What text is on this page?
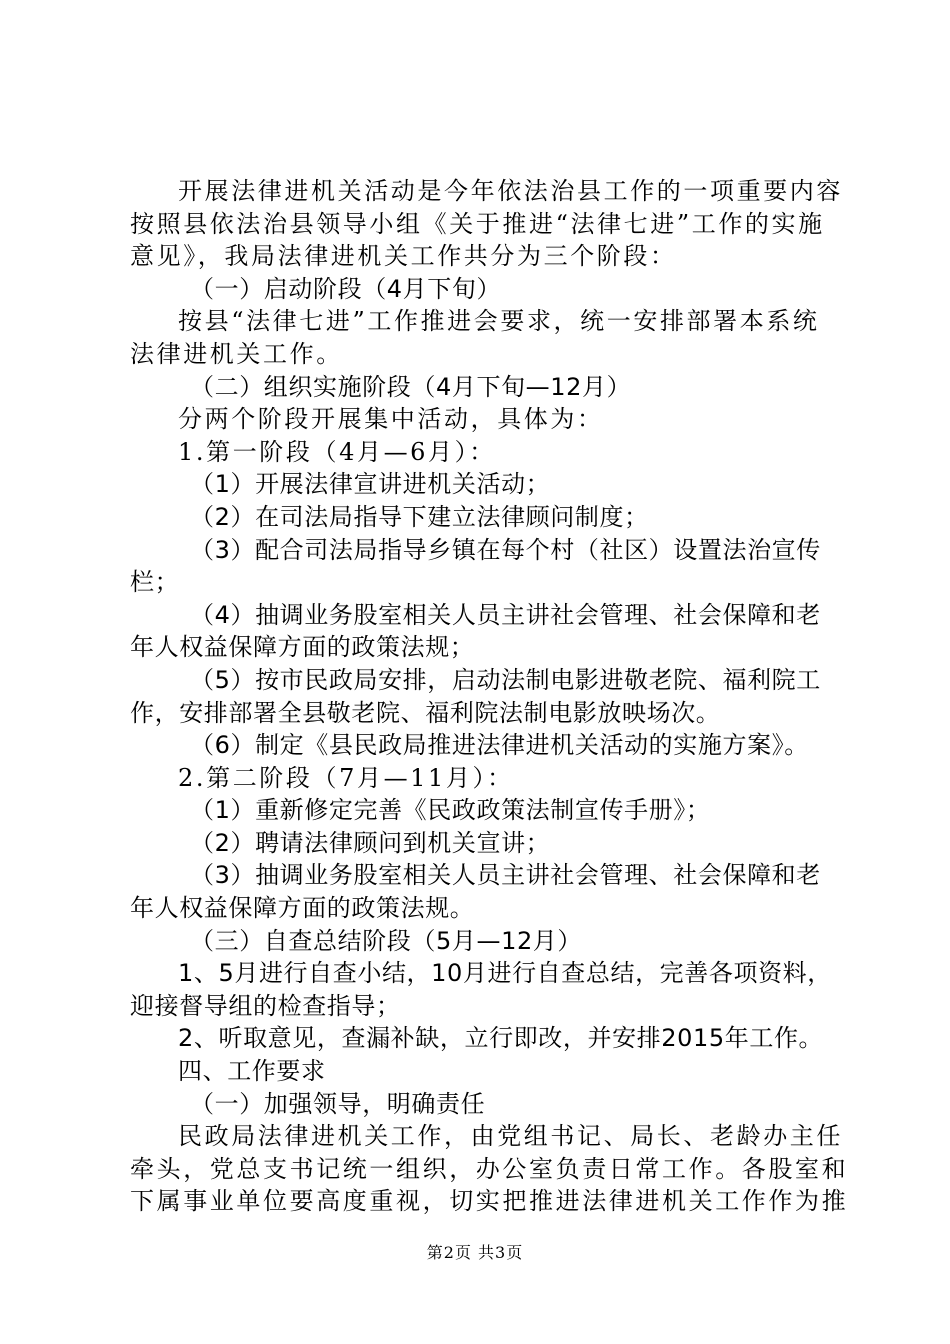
开展法律进机关活动是今年依法治县工作的一项重要内容
按照县依法治县领导小组《关于推进“法律七进”工作的实施
意见》，我局法律进机关工作共分为三个阶段：
（一）启动阶段（4月下旬）
按县“法律七进”工作推进会要求，统一安排部署本系统
法律进机关工作。
（二）组织实施阶段（4月下旬—12月）
分两个阶段开展集中活动，具体为：
1.第一阶段（4月—6月）：
（1）开展法律宣讲进机关活动；
（2）在司法局指导下建立法律顾问制度；
（3）配合司法局指导乡镇在每个村（社区）设置法治宣传
栏；
（4）抽调业务股室相关人员主讲社会管理、社会保障和老
年人权益保障方面的政策法规；
（5）按市民政局安排，启动法制电影进敬老院、福利院工
作，安排部署全县敬老院、福利院法制电影放映场次。
（6）制定《县民政局推进法律进机关活动的实施方案》。
2.第二阶段（7月—11月）：
（1）重新修定完善《民政政策法制宣传手册》；
（2）聘请法律顾问到机关宣讲；
（3）抽调业务股室相关人员主讲社会管理、社会保障和老
年人权益保障方面的政策法规。
（三）自查总结阶段（5月—12月）
1、5月进行自查小结，10月进行自查总结，完善各项资料，
迎接督导组的检查指导；
2、听取意见，查漏补缺，立行即改，并安排2015年工作。
四、工作要求
（一）加强领导，明确责任
民政局法律进机关工作，由党组书记、局长、老龄办主任
牵头，党总支书记统一组织，办公室负责日常工作。各股室和
下属事业单位要高度重视，切实把推进法律进机关工作作为推
第2页 共3页
